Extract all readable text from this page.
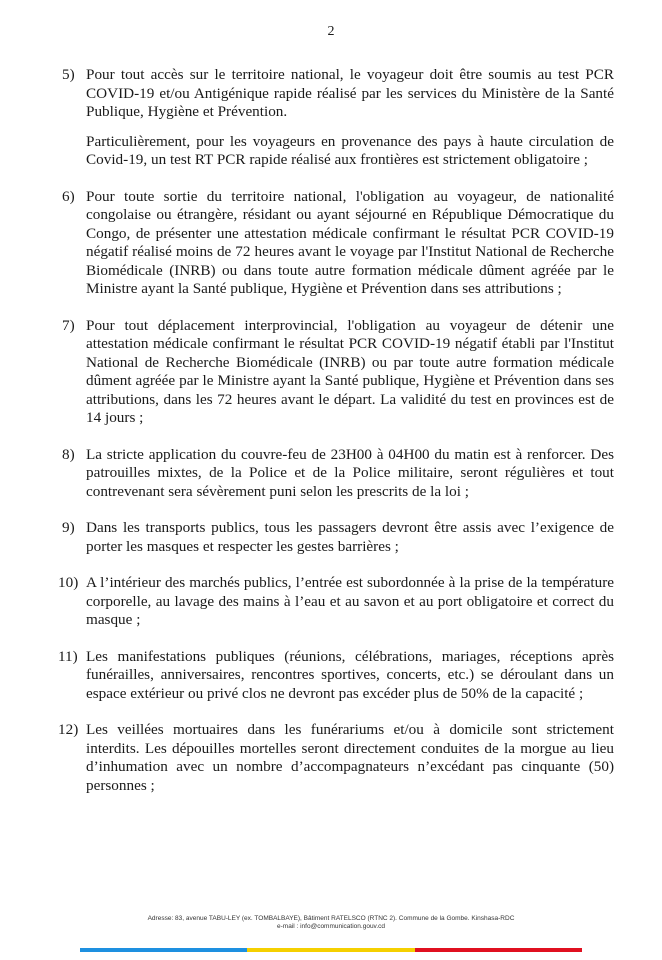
2
5) Pour tout accès sur le territoire national, le voyageur doit être soumis au test PCR COVID-19 et/ou Antigénique rapide réalisé par les services du Ministère de la Santé Publique, Hygiène et Prévention.
Particulièrement, pour les voyageurs en provenance des pays à haute circulation de Covid-19, un test RT PCR rapide réalisé aux frontières est strictement obligatoire ;
6) Pour toute sortie du territoire national, l'obligation au voyageur, de nationalité congolaise ou étrangère, résidant ou ayant séjourné en République Démocratique du Congo, de présenter une attestation médicale confirmant le résultat PCR COVID-19 négatif réalisé moins de 72 heures avant le voyage par l'Institut National de Recherche Biomédicale (INRB) ou dans toute autre formation médicale dûment agréée par le Ministre ayant la Santé publique, Hygiène et Prévention dans ses attributions ;
7) Pour tout déplacement interprovincial, l'obligation au voyageur de détenir une attestation médicale confirmant le résultat PCR COVID-19 négatif établi par l'Institut National de Recherche Biomédicale (INRB) ou par toute autre formation médicale dûment agréée par le Ministre ayant la Santé publique, Hygiène et Prévention dans ses attributions, dans les 72 heures avant le départ. La validité du test en provinces est de 14 jours ;
8) La stricte application du couvre-feu de 23H00 à 04H00 du matin est à renforcer. Des patrouilles mixtes, de la Police et de la Police militaire, seront régulières et tout contrevenant sera sévèrement puni selon les prescrits de la loi ;
9) Dans les transports publics, tous les passagers devront être assis avec l’exigence de porter les masques et respecter les gestes barrières ;
10) A l’intérieur des marchés publics, l’entrée est subordonnée à la prise de la température corporelle, au lavage des mains à l’eau et au savon et au port obligatoire et correct du masque ;
11) Les manifestations publiques (réunions, célébrations, mariages, réceptions après funérailles, anniversaires, rencontres sportives, concerts, etc.) se déroulant dans un espace extérieur ou privé clos ne devront pas excéder plus de 50% de la capacité ;
12) Les veillées mortuaires dans les funérariums et/ou à domicile sont strictement interdits. Les dépouilles mortelles seront directement conduites de la morgue au lieu d’inhumation avec un nombre d’accompagnateurs n’excédant pas cinquante (50) personnes ;
Adresse: 83, avenue TABU-LEY (ex. TOMBALBAYE), Bâtiment RATELSCO (RTNC 2). Commune de la Gombe. Kinshasa-RDC
e-mail : info@communication.gouv.cd
